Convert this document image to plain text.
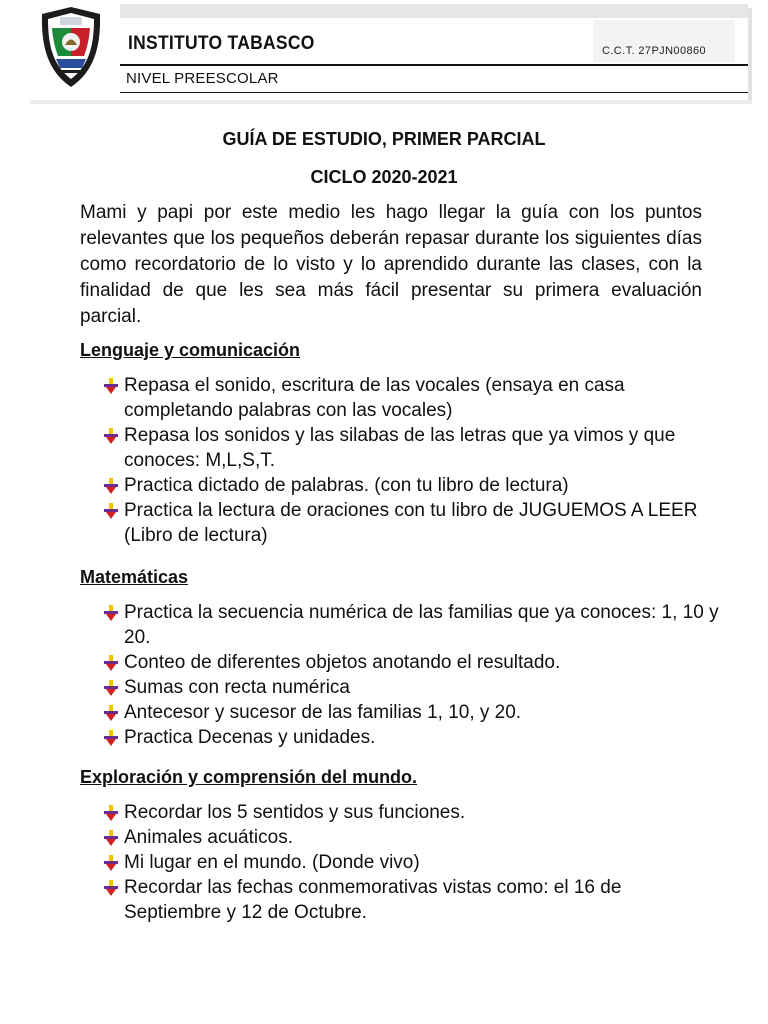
INSTITUTO TABASCO	C.C.T. 27PJN00860
NIVEL PREESCOLAR
GUÍA DE ESTUDIO, PRIMER PARCIAL
CICLO 2020-2021

Mami y papi por este medio les hago llegar la guía con los puntos relevantes que los pequeños deberán repasar durante los siguientes días como recordatorio de lo visto y lo aprendido durante las clases, con la finalidad de que les sea más fácil presentar su primera evaluación parcial.

Lenguaje y comunicación
Repasa el sonido, escritura de las vocales (ensaya en casa completando palabras con las vocales)
Repasa los sonidos y las silabas de las letras que ya vimos y que conoces: M,L,S,T.
Practica dictado de palabras. (con tu libro de lectura)
Practica la lectura de oraciones con tu libro de JUGUEMOS A LEER (Libro de lectura)
Matemáticas
Practica la secuencia numérica de las familias que ya conoces: 1, 10 y 20.
Conteo de diferentes objetos anotando el resultado.
Sumas con recta numérica
Antecesor y sucesor de las familias 1, 10, y 20.
Practica Decenas y unidades.
Exploración y comprensión del mundo.
Recordar los 5 sentidos y sus funciones.
Animales acuáticos.
Mi lugar en el mundo. (Donde vivo)
Recordar las fechas conmemorativas vistas como: el 16 de Septiembre y 12 de Octubre.
